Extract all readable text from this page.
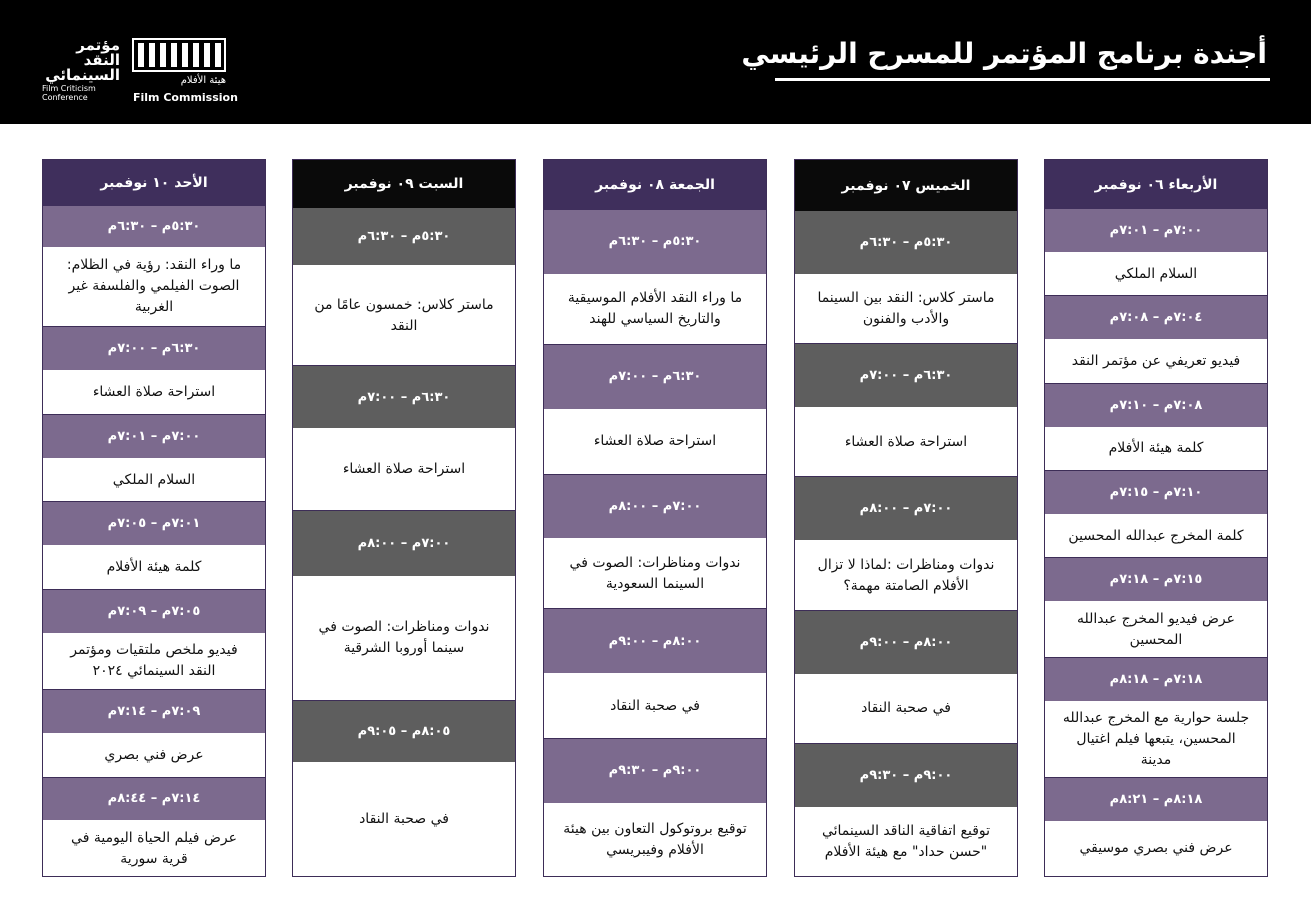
مؤتمر
النقد
السينمائي
Film Criticism
Conference
هيئة الأفلام
Film Commission
أجندة برنامج المؤتمر للمسرح الرئيسي
الأربعاء ٠٦ نوفمبر
٧:٠٠م – ٧:٠١م
السلام الملكي
٧:٠٤م – ٧:٠٨م
فيديو تعريفي عن مؤتمر النقد
٧:٠٨م – ٧:١٠م
كلمة هيئة الأفلام
٧:١٠م – ٧:١٥م
كلمة المخرج عبدالله المحسين
٧:١٥م – ٧:١٨م
عرض فيديو المخرج عبدالله المحسين
٧:١٨م – ٨:١٨م
جلسة حوارية مع المخرج عبدالله المحسين، يتبعها فيلم اغتيال مدينة
٨:١٨م – ٨:٢١م
عرض فني بصري موسيقي
الخميس ٠٧ نوفمبر
٥:٣٠م – ٦:٣٠م
ماستر كلاس: النقد بين السينما والأدب والفنون
٦:٣٠م – ٧:٠٠م
استراحة صلاة العشاء
٧:٠٠م – ٨:٠٠م
ندوات ومناظرات :لماذا لا تزال الأفلام الصامتة مهمة؟
٨:٠٠م – ٩:٠٠م
في صحبة النقاد
٩:٠٠م – ٩:٣٠م
توقيع اتفاقية الناقد السينمائي "حسن حداد" مع هيئة الأفلام
الجمعة ٠٨ نوفمبر
٥:٣٠م – ٦:٣٠م
ما وراء النقد الأفلام الموسيقية والتاريخ السياسي للهند
٦:٣٠م – ٧:٠٠م
استراحة صلاة العشاء
٧:٠٠م – ٨:٠٠م
ندوات ومناظرات: الصوت في السينما السعودية
٨:٠٠م – ٩:٠٠م
في صحبة النقاد
٩:٠٠م – ٩:٣٠م
توقيع بروتوكول التعاون بين هيئة الأفلام وفيبريسي
السبت ٠٩ نوفمبر
٥:٣٠م – ٦:٣٠م
ماستر كلاس: خمسون عامًا من النقد
٦:٣٠م – ٧:٠٠م
استراحة صلاة العشاء
٧:٠٠م – ٨:٠٠م
ندوات ومناظرات: الصوت في سينما أوروبا الشرقية
٨:٠٥م – ٩:٠٥م
في صحبة النقاد
الأحد ١٠ نوفمبر
٥:٣٠م – ٦:٣٠م
ما وراء النقد: رؤية في الظلام: الصوت الفيلمي والفلسفة غير الغربية
٦:٣٠م – ٧:٠٠م
استراحة صلاة العشاء
٧:٠٠م – ٧:٠١م
السلام الملكي
٧:٠١م – ٧:٠٥م
كلمة هيئة الأفلام
٧:٠٥م – ٧:٠٩م
فيديو ملخص ملتقيات ومؤتمر النقد السينمائي ٢٠٢٤
٧:٠٩م – ٧:١٤م
عرض فني بصري
٧:١٤م – ٨:٤٤م
عرض فيلم الحياة اليومية في قرية سورية
